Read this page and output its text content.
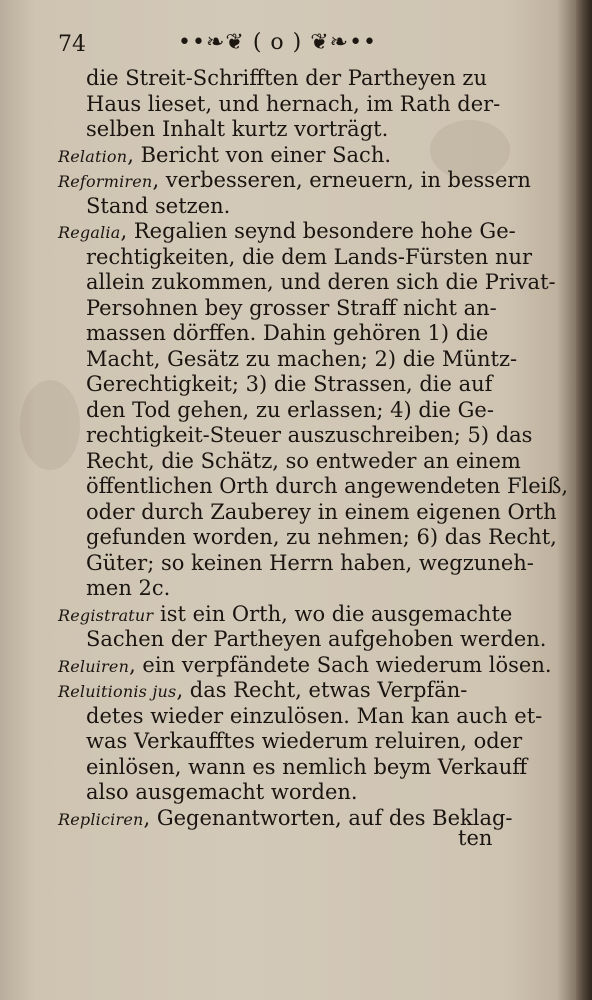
74	••❧❦ ( o ) ❦❧••
die Streit-Schrifften der Partheyen zu
Haus lieset, und hernach, im Rath der-
selben Inhalt kurtz vorträgt.
Relation, Bericht von einer Sach.
Reformiren, verbesseren, erneuern, in bessern
Stand setzen.
Regalia, Regalien seynd besondere hohe Ge-
rechtigkeiten, die dem Lands-Fürsten nur
allein zukommen, und deren sich die Privat-
Persohnen bey grosser Straff nicht an-
massen dörffen. Dahin gehören 1) die
Macht, Gesätz zu machen; 2) die Müntz-
Gerechtigkeit; 3) die Strassen, die auf
den Tod gehen, zu erlassen; 4) die Ge-
rechtigkeit-Steuer auszuschreiben; 5) das
Recht, die Schätz, so entweder an einem
öffentlichen Orth durch angewendeten Fleiß,
oder durch Zauberey in einem eigenen Orth
gefunden worden, zu nehmen; 6) das Recht,
Güter; so keinen Herrn haben, wegzuneh-
men 2c.
Registratur ist ein Orth, wo die ausgemachte
Sachen der Partheyen aufgehoben werden.
Reluiren, ein verpfändete Sach wiederum lösen.
Reluitionis jus, das Recht, etwas Verpfän-
detes wieder einzulösen. Man kan auch et-
was Verkaufftes wiederum reluiren, oder
einlösen, wann es nemlich beym Verkauff
also ausgemacht worden.
Repliciren, Gegenantworten, auf des Beklag-
ten
